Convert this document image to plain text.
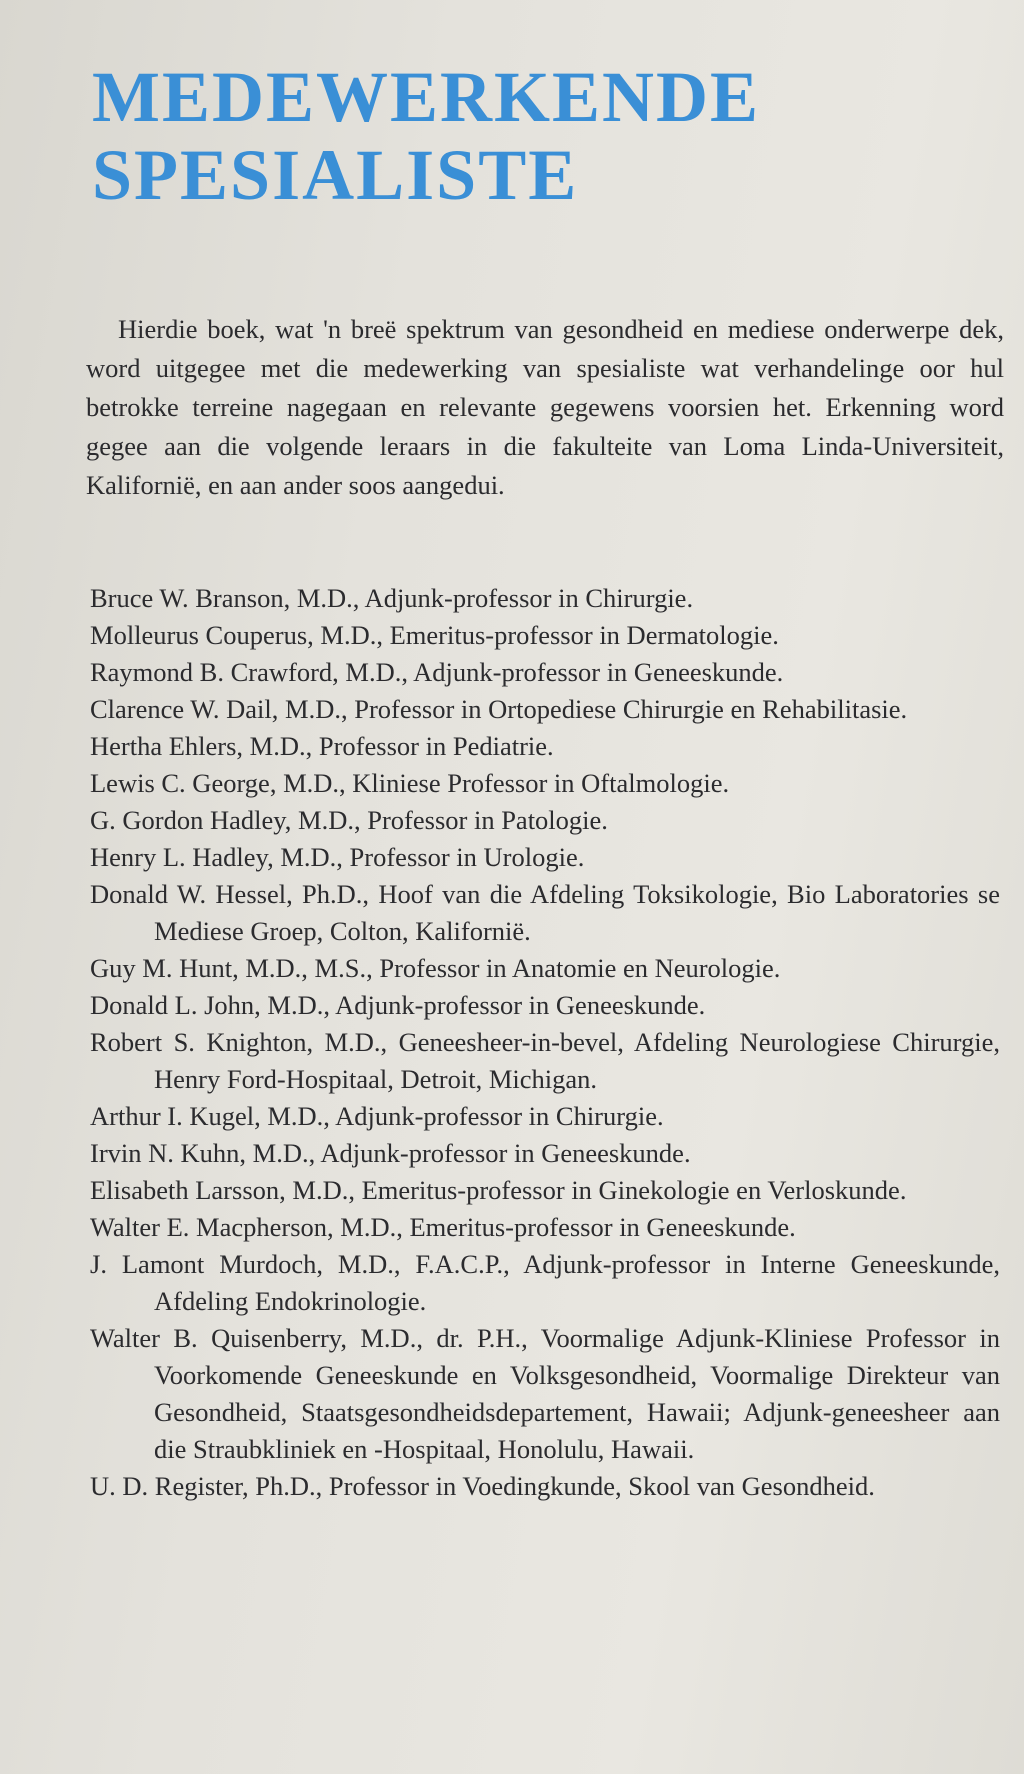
MEDEWERKENDE
SPESIALISTE

Hierdie boek, wat 'n breë spektrum van gesondheid en mediese onderwerpe dek, word uitgegee met die medewerking van spesialiste wat verhandelinge oor hul betrokke terreine nagegaan en relevante gegewens voorsien het. Erkenning word gegee aan die volgende leraars in die fakulteite van Loma Linda-Universiteit, Kalifornië, en aan ander soos aangedui.

Bruce W. Branson, M.D., Adjunk-professor in Chirurgie.
Molleurus Couperus, M.D., Emeritus-professor in Dermatologie.
Raymond B. Crawford, M.D., Adjunk-professor in Geneeskunde.
Clarence W. Dail, M.D., Professor in Ortopediese Chirurgie en Rehabilitasie.
Hertha Ehlers, M.D., Professor in Pediatrie.
Lewis C. George, M.D., Kliniese Professor in Oftalmologie.
G. Gordon Hadley, M.D., Professor in Patologie.
Henry L. Hadley, M.D., Professor in Urologie.
Donald W. Hessel, Ph.D., Hoof van die Afdeling Toksikologie, Bio Laboratories se Mediese Groep, Colton, Kalifornië.
Guy M. Hunt, M.D., M.S., Professor in Anatomie en Neurologie.
Donald L. John, M.D., Adjunk-professor in Geneeskunde.
Robert S. Knighton, M.D., Geneesheer-in-bevel, Afdeling Neurologiese Chirurgie, Henry Ford-Hospitaal, Detroit, Michigan.
Arthur I. Kugel, M.D., Adjunk-professor in Chirurgie.
Irvin N. Kuhn, M.D., Adjunk-professor in Geneeskunde.
Elisabeth Larsson, M.D., Emeritus-professor in Ginekologie en Verloskunde.
Walter E. Macpherson, M.D., Emeritus-professor in Geneeskunde.
J. Lamont Murdoch, M.D., F.A.C.P., Adjunk-professor in Interne Geneeskunde, Afdeling Endokrinologie.
Walter B. Quisenberry, M.D., dr. P.H., Voormalige Adjunk-Kliniese Professor in Voorkomende Geneeskunde en Volksgesondheid, Voormalige Direkteur van Gesondheid, Staatsgesondheidsdepartement, Hawaii; Adjunk-geneesheer aan die Straubkliniek en -Hospitaal, Honolulu, Hawaii.
U. D. Register, Ph.D., Professor in Voedingkunde, Skool van Gesondheid.
